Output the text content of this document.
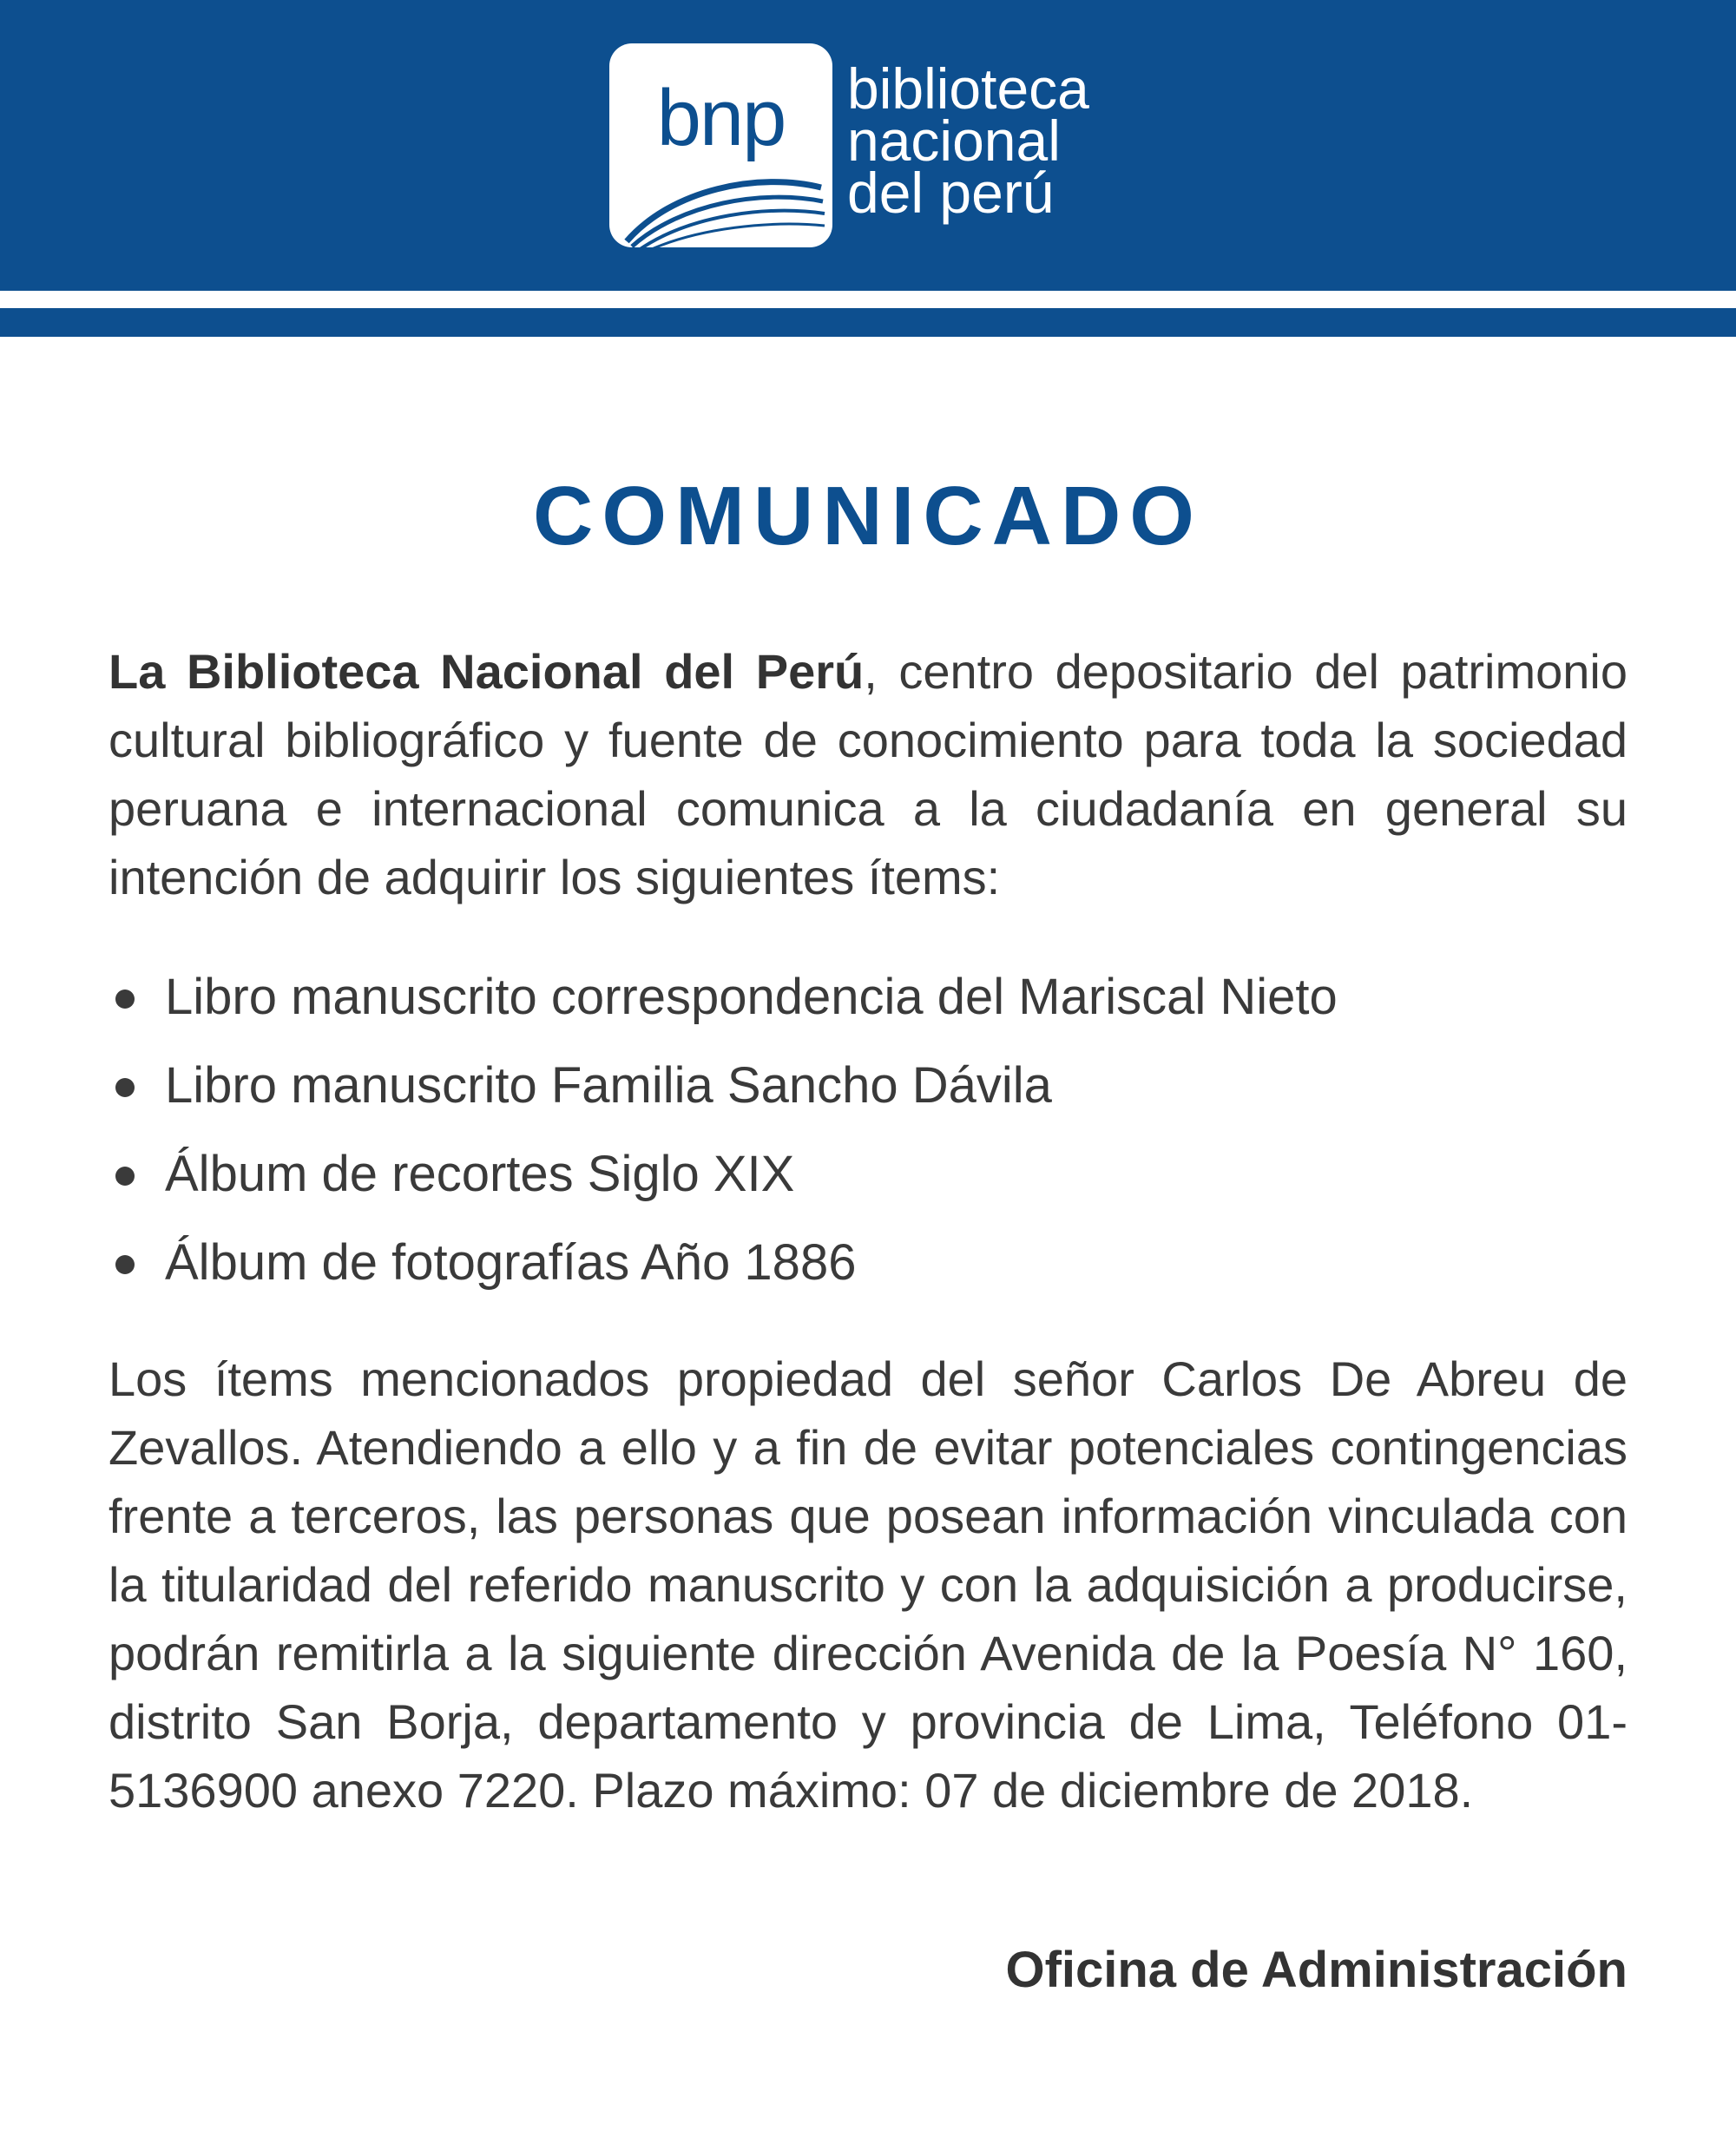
bnp	biblioteca
nacional
del perú
COMUNICADO
La Biblioteca Nacional del Perú, centro depositario del patrimonio cultural bibliográfico y fuente de conocimiento para toda la sociedad peruana e internacional comunica a la ciudadanía en general su intención de adquirir los siguientes ítems:
Libro manuscrito correspondencia del Mariscal Nieto
Libro manuscrito Familia Sancho Dávila
Álbum de recortes Siglo XIX
Álbum de fotografías Año 1886
Los ítems mencionados propiedad del señor Carlos De Abreu de Zevallos. Atendiendo a ello y a fin de evitar potenciales contingencias frente a terceros, las personas que posean información vinculada con la titularidad del referido manuscrito y con la adquisición a producirse, podrán remitirla a la siguiente dirección Avenida de la Poesía N° 160, distrito San Borja, departamento y provincia de Lima, Teléfono 01-5136900 anexo 7220. Plazo máximo: 07 de diciembre de 2018.
Oficina de Administración
